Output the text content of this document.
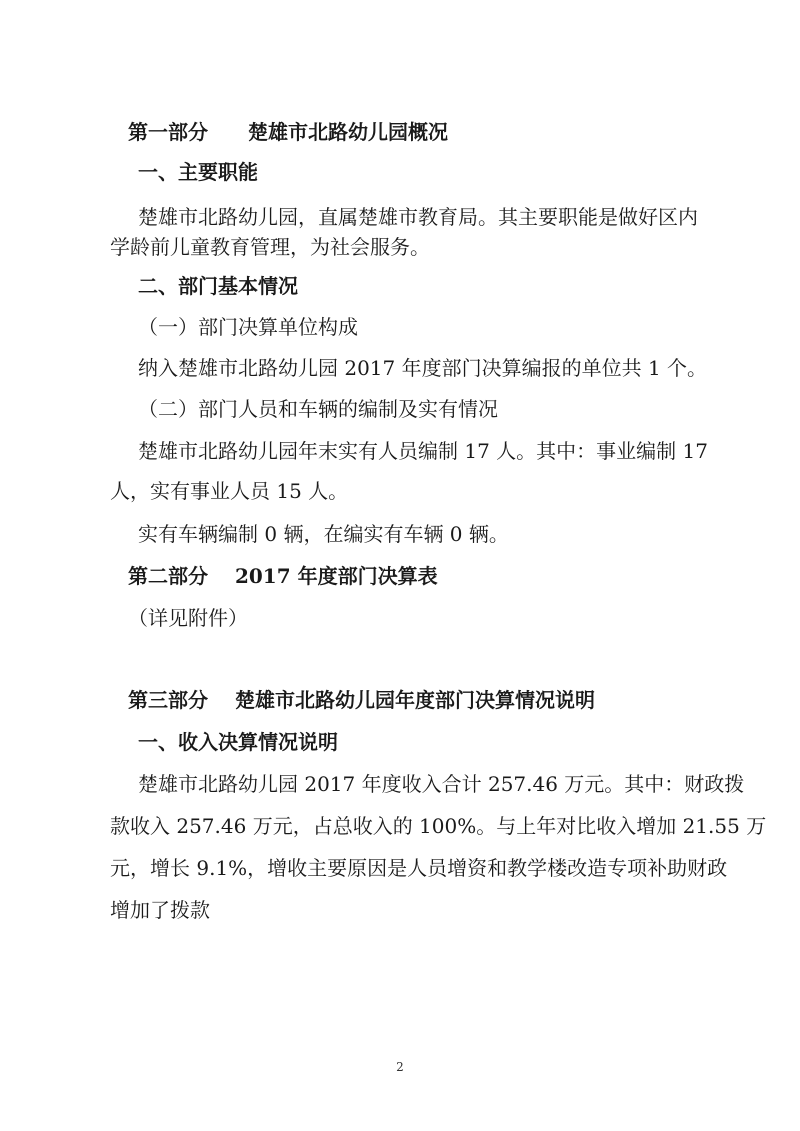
第一部分　　楚雄市北路幼儿园概况
一、主要职能
楚雄市北路幼儿园，直属楚雄市教育局。其主要职能是做好区内
学龄前儿童教育管理，为社会服务。
二、部门基本情况
（一）部门决算单位构成
纳入楚雄市北路幼儿园 2017 年度部门决算编报的单位共 1 个。
（二）部门人员和车辆的编制及实有情况
楚雄市北路幼儿园年末实有人员编制 17 人。其中：事业编制 17
人，实有事业人员 15 人。
实有车辆编制 0 辆，在编实有车辆 0 辆。
第二部分　 2017 年度部门决算表
（详见附件）
第三部分　 楚雄市北路幼儿园年度部门决算情况说明
一、收入决算情况说明
楚雄市北路幼儿园 2017 年度收入合计 257.46 万元。其中：财政拨
款收入 257.46 万元，占总收入的 100%。与上年对比收入增加 21.55 万
元，增长 9.1%，增收主要原因是人员增资和教学楼改造专项补助财政
增加了拨款
2
